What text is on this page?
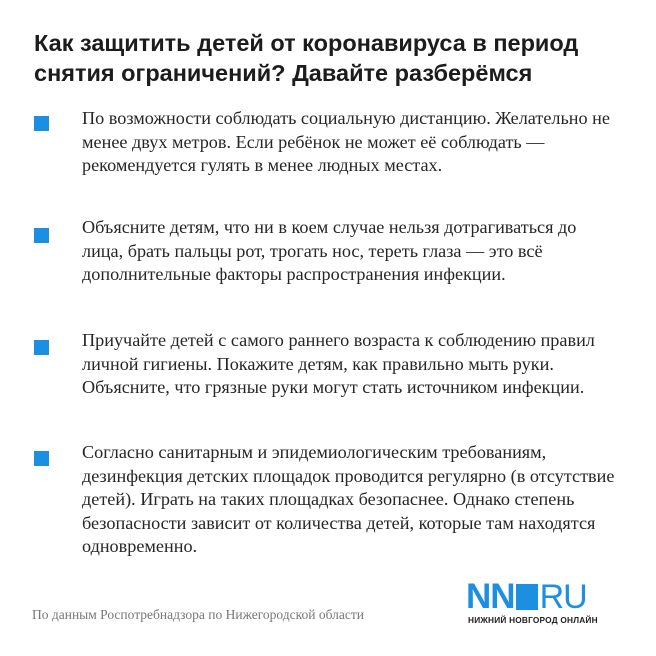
Как защитить детей от коронавируса в период снятия ограничений? Давайте разберёмся

По возможности соблюдать социальную дистанцию. Желательно не менее двух метров. Если ребёнок не может её соблюдать — рекомендуется гулять в менее людных местах.

Объясните детям, что ни в коем случае нельзя дотрагиваться до лица, брать пальцы рот, трогать нос, тереть глаза — это всё дополнительные факторы распространения инфекции.

Приучайте детей с самого раннего возраста к соблюдению правил личной гигиены. Покажите детям, как правильно мыть руки. Объясните, что грязные руки могут стать источником инфекции.

Согласно санитарным и эпидемиологическим требованиям, дезинфекция детских площадок проводится регулярно (в отсутствие детей). Играть на таких площадках безопаснее. Однако степень безопасности зависит от количества детей, которые там находятся одновременно.

По данным Роспотребнадзора по Нижегородской области	NN RU
НИЖНИЙ НОВГОРОД ОНЛАЙН
